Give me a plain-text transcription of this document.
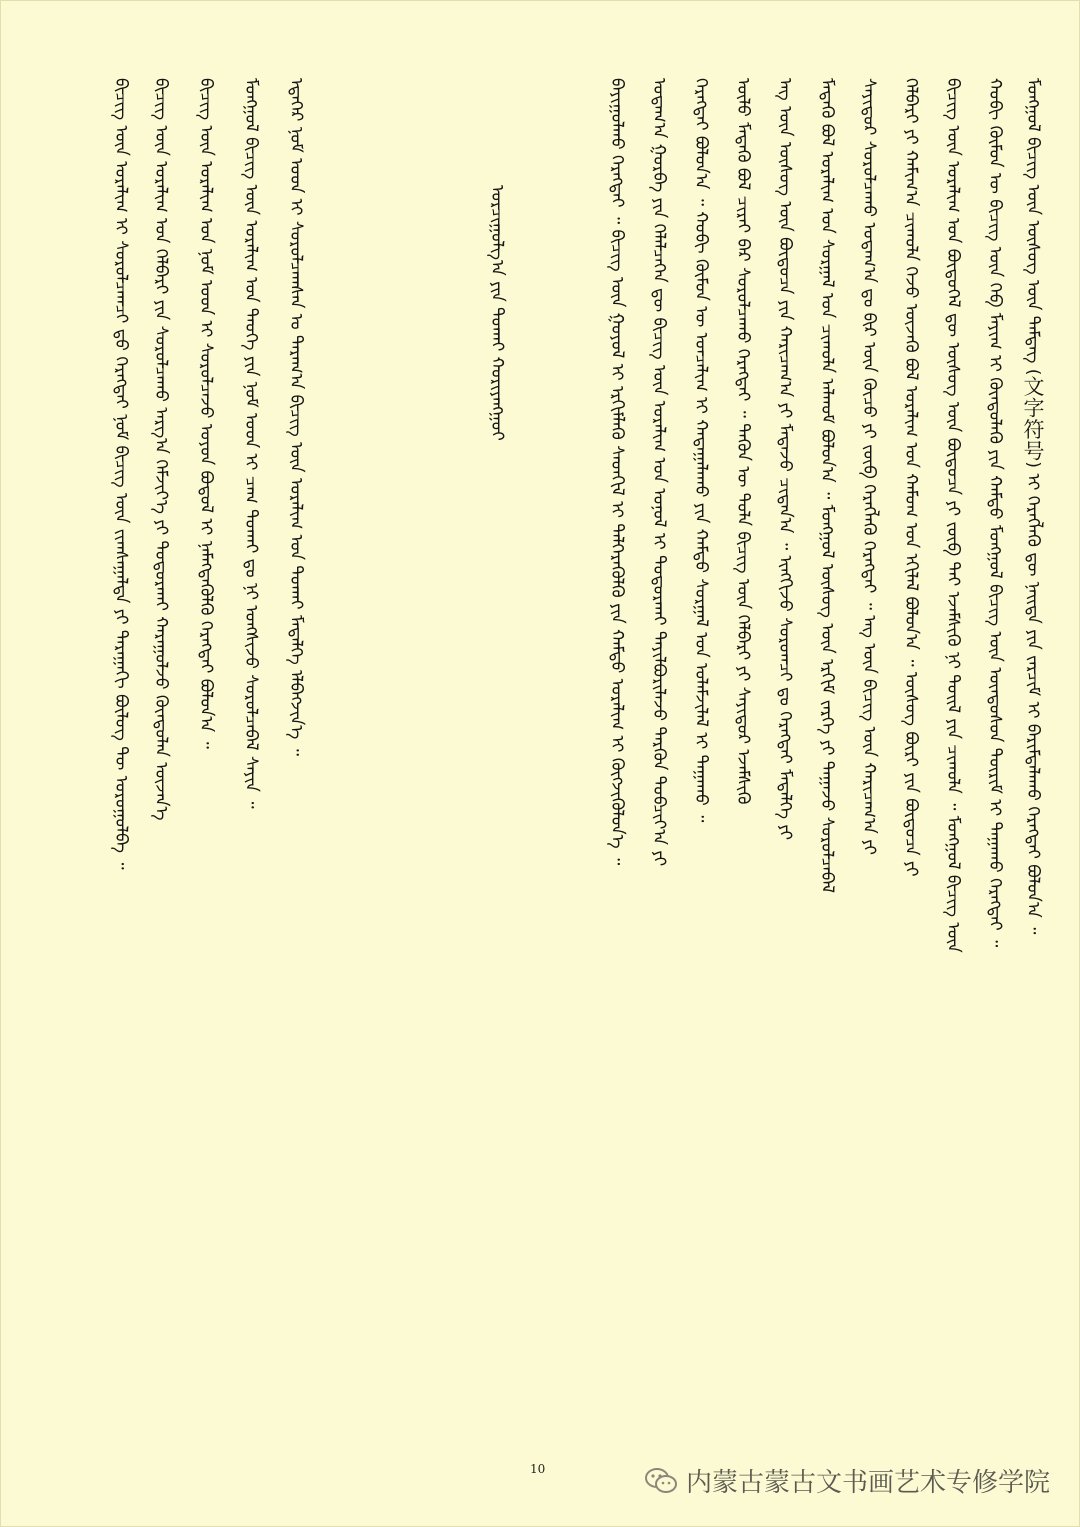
ᠮᠣᠩᠭᠣᠯ ᠪᠢᠴᠢᠭ ᠦᠨ ᠦᠰᠦᠭ ᠦᠨ ᠲᠡᠮᠳᠡᠭ (文字符号) ᠢ ᠬᠡᠷᠡᠭᠯᠡᠬᠦ ᠳᠦ ᠨᠡᠢᠲᠡ ᠶᠢᠨ ᠵᠠᠷᠴᠢᠮ ᠢ ᠪᠠᠷᠢᠮᠲᠠᠯᠠᠬᠤ ᠬᠡᠷᠡᠭᠲᠡᠢ ᠪᠣᠯᠤᠨ᠎ᠠ ᠃
ᠬᠤᠪᠢ ᠬᠦᠮᠦᠨ ᠦ ᠪᠢᠴᠢᠭ ᠦᠨ ᠬᠡᠪ ᠮᠠᠶᠢᠭ ᠢ ᠬᠦᠨᠳᠦᠯᠡᠬᠦ ᠶᠢᠨ ᠬᠠᠮᠲᠤ ᠮᠣᠩᠭᠣᠯ ᠪᠢᠴᠢᠭ ᠦᠨ ᠦᠨᠳᠦᠰᠦᠨ ᠳᠦᠷᠢᠮ ᠢ ᠳᠠᠭᠠᠬᠤ ᠬᠡᠷᠡᠭᠲᠡᠢ ᠃
ᠪᠢᠴᠢᠭ ᠦᠨ ᠤᠷᠠᠯᠢᠭ ᠤᠨ ᠪᠦᠲᠦᠭᠡᠯ ᠳᠦ ᠦᠰᠦᠭ ᠦᠨ ᠪᠦᠲᠦᠴᠡ ᠶᠢ ᠵᠥᠪ ᠲᠡᠢ ᠡᠵᠡᠮᠰᠢᠬᠦ ᠨᠢ ᠲᠤᠢᠯ ᠶᠢᠨ ᠴᠢᠬᠤᠯᠠ ᠃ ᠮᠣᠩᠭᠣᠯ ᠪᠢᠴᠢᠭ ᠦᠨ
ᠬᠡᠯᠪᠡᠷᠢ ᠶᠢ ᠬᠠᠮᠢᠭ᠎ᠠ ᠴᠢᠬᠤᠯᠠ ᠭᠡᠵᠦ ᠦᠵᠡᠬᠦ ᠪᠣᠯ ᠤᠷᠠᠯᠢᠭ ᠤᠨ ᠬᠠᠮᠤᠭ ᠤᠨ ᠡᠬᠢᠯᠡᠯ ᠪᠣᠯᠤᠨ᠎ᠠ ᠃ ᠦᠰᠦᠭ ᠪᠦᠷᠢ ᠶᠢᠨ ᠪᠦᠲᠦᠴᠡ ᠶᠢ
ᠰᠠᠶᠢᠲᠤᠷ ᠰᠤᠷᠤᠯᠴᠠᠬᠤ ᠤᠳᠠᠭ᠎ᠠ ᠳᠤ ᠪᠢᠷ ᠦᠨ ᠬᠦᠴᠦ ᠶᠢ ᠵᠥᠪ ᠬᠡᠷᠡᠭᠯᠡᠬᠦ ᠬᠡᠷᠡᠭᠲᠡᠢ ᠃ ᠡᠩ ᠦᠨ ᠪᠢᠴᠢᠭ ᠦᠨ ᠬᠠᠷᠢᠴᠠᠭ᠎ᠠ ᠶᠢ
ᠮᠡᠳᠡᠬᠦ ᠪᠣᠯ ᠤᠷᠠᠯᠢᠭ ᠤᠨ ᠰᠤᠷᠭᠠᠯ ᠤᠨ ᠴᠢᠬᠤᠯᠠ ᠠᠯᠬᠤᠮ ᠪᠣᠯᠤᠨ᠎ᠠ ᠃ ᠮᠣᠩᠭᠣᠯ ᠦᠰᠦᠭ ᠦᠨ ᠡᠷᠬᠢᠮ ᠵᠡᠷᠭᠡ ᠶᠢ ᠳᠠᠭᠠᠵᠤ ᠰᠤᠷᠤᠯᠴᠠᠪᠠᠯ
ᠡᠩ ᠦᠨ ᠦᠰᠦᠭ ᠦᠨ ᠪᠦᠲᠦᠴᠡ ᠶᠢᠨ ᠬᠠᠷᠢᠴᠠᠭ᠎ᠠ ᠶᠢ ᠮᠡᠳᠡᠵᠦ ᠴᠢᠳᠠᠨ᠎ᠠ ᠃ ᠢᠩᠭᠢᠵᠦ ᠰᠤᠷᠤᠭᠴᠢ ᠳᠤ ᠬᠡᠷᠡᠭᠲᠡᠢ ᠮᠡᠳᠡᠯᠭᠡ ᠶᠢ
ᠦᠯᠦ ᠮᠡᠳᠡᠬᠦ ᠪᠣᠯ ᠴᠢᠷᠠᠢ ᠪᠠᠷ ᠰᠤᠷᠤᠯᠴᠠᠬᠤ ᠬᠡᠷᠡᠭᠲᠡᠢ ᠃ ᠲᠡᠭᠦᠨ ᠦ ᠲᠤᠯᠠ ᠪᠢᠴᠢᠭ ᠦᠨ ᠬᠡᠯᠪᠡᠷᠢ ᠶᠢ ᠰᠠᠶᠢᠲᠤᠷ ᠡᠵᠡᠮᠰᠢᠬᠦ
ᠬᠡᠷᠡᠭᠲᠡᠢ ᠪᠣᠯᠤᠨ᠎ᠠ ᠃ ᠬᠤᠪᠢ ᠬᠦᠮᠦᠨ ᠦ ᠣᠨᠴᠠᠯᠢᠭ ᠢ ᠬᠠᠳᠠᠭᠠᠯᠠᠬᠤ ᠶᠢᠨ ᠬᠠᠮᠲᠤ ᠰᠤᠷᠭᠠᠯ ᠤᠨ ᠤᠯᠠᠮᠵᠢᠯᠠᠯ ᠢ ᠳᠠᠭᠠᠬᠤ ᠃
ᠤᠳᠠᠭ᠎ᠠ ᠭᠤᠷᠪᠠ ᠶᠢᠨ ᠬᠡᠯᠡᠯᠴᠡᠭᠡᠨ ᠳᠦ ᠪᠢᠴᠢᠭ ᠦᠨ ᠤᠷᠠᠯᠢᠭ ᠤᠨ ᠣᠨᠤᠯ ᠢ ᠲᠣᠳᠣᠷᠬᠠᠢ ᠲᠠᠶᠢᠯᠪᠤᠷᠢᠯᠠᠵᠤ ᠲᠡᠷᠭᠦᠨ ᠲᠣᠪᠴᠢᠶ᠎ᠠ ᠶᠢ
ᠪᠠᠶᠢᠭᠤᠯᠬᠤ ᠬᠡᠷᠡᠭᠲᠡᠢ ᠃ ᠪᠢᠴᠢᠭ ᠦᠨ ᠭᠣᠶᠣᠯ ᠢ ᠡᠷᠬᠢᠮᠯᠡᠬᠦ ᠰᠡᠳᠭᠢᠯ ᠢ ᠲᠡᠯᠭᠡᠷᠡᠭᠦᠯᠬᠦ ᠶᠢᠨ ᠬᠠᠮᠲᠤ ᠤᠷᠠᠯᠢᠭ ᠢ ᠬᠦᠭᠵᠢᠭᠦᠯᠦᠨ᠎ᠡ ᠃
ᠪᠢᠴᠢᠭ ᠦᠨ ᠤᠷᠠᠯᠢᠭ ᠢ ᠰᠤᠷᠤᠯᠴᠠᠭᠴᠢ ᠳ᠋ᠦ ᠬᠡᠷᠡᠭᠲᠡᠢ ᠨᠣᠮ ᠪᠢᠴᠢᠭ ᠦᠨ ᠵᠢᠭᠰᠠᠭᠠᠯᠲᠠ ᠶᠢ ᠳᠠᠷᠠᠭᠠᠬᠢ ᠪᠦᠯᠦᠭ ᠲᠦ ᠣᠷᠣᠭᠤᠯᠪᠠ ᠃ ᠪᠢᠴᠢᠭ ᠦᠨ ᠤᠷᠠᠯᠢᠭ ᠤᠨ ᠬᠡᠯᠪᠡᠷᠢ ᠶᠢᠨ ᠰᠤᠷᠤᠯᠴᠠᠬᠤ ᠠᠷᠭ᠎ᠠ ᠬᠡᠮᠵᠢᠶ᠎ᠡ ᠶᠢ ᠲᠣᠳᠣᠷᠬᠠᠶ ᠬᠠᠷᠠᠭᠤᠯᠵᠤ ᠬᠦᠨᠳᠦᠯᠡᠨ ᠦᠵᠡᠨ᠎ᠡ ᠪᠢᠴᠢᠭ ᠦᠨ ᠤᠷᠠᠯᠢᠭ ᠤᠨ ᠨᠣᠮ ᠤᠳ ᠢ ᠰᠤᠷᠤᠯᠴᠠᠵᠤ ᠣᠶᠤᠨ ᠪᠣᠳᠤᠯ ᠢ ᠨᠡᠮᠡᠭᠳᠡᠭᠦᠯᠬᠦ ᠬᠡᠷᠡᠭᠲᠡᠢ ᠪᠣᠯᠤᠨ᠎ᠠ ᠃ ᠮᠣᠩᠭᠣᠯ ᠪᠢᠴᠢᠭ ᠦᠨ ᠤᠷᠠᠯᠢᠭ ᠤᠨ ᠲᠡᠦᠬᠡ ᠶᠢᠨ ᠨᠣᠮ ᠤᠳ ᠢ ᠴᠠᠭ ᠲᠤᠬᠠᠢ ᠳᠤ ᠨᠢ ᠤᠩᠰᠢᠵᠤ ᠰᠤᠷᠤᠯᠴᠠᠪᠠᠯ ᠰᠠᠶᠢᠨ ᠃ ᠡᠳᠡᠭᠡᠷ ᠨᠣᠮ ᠤᠳ ᠢ ᠰᠤᠷᠤᠯᠴᠠᠭᠰᠠᠨ ᠤ ᠳᠠᠷᠠᠭ᠎ᠠ ᠪᠢᠴᠢᠭ ᠦᠨ ᠤᠷᠠᠯᠢᠭ ᠤᠨ ᠲᠤᠬᠠᠢ ᠮᠡᠳᠡᠯᠭᠡ ᠡᠯᠪᠡᠭᠵᠢᠨ᠎ᠡ ᠃	ᠣᠷᠴᠢᠭᠤᠯᠭ᠎ᠠ ᠶᠢᠨ ᠲᠤᠬᠠᠢ ᠬᠤᠷᠢᠶᠠᠩᠭᠤᠢ
10	内蒙古蒙古文书画艺术专修学院
